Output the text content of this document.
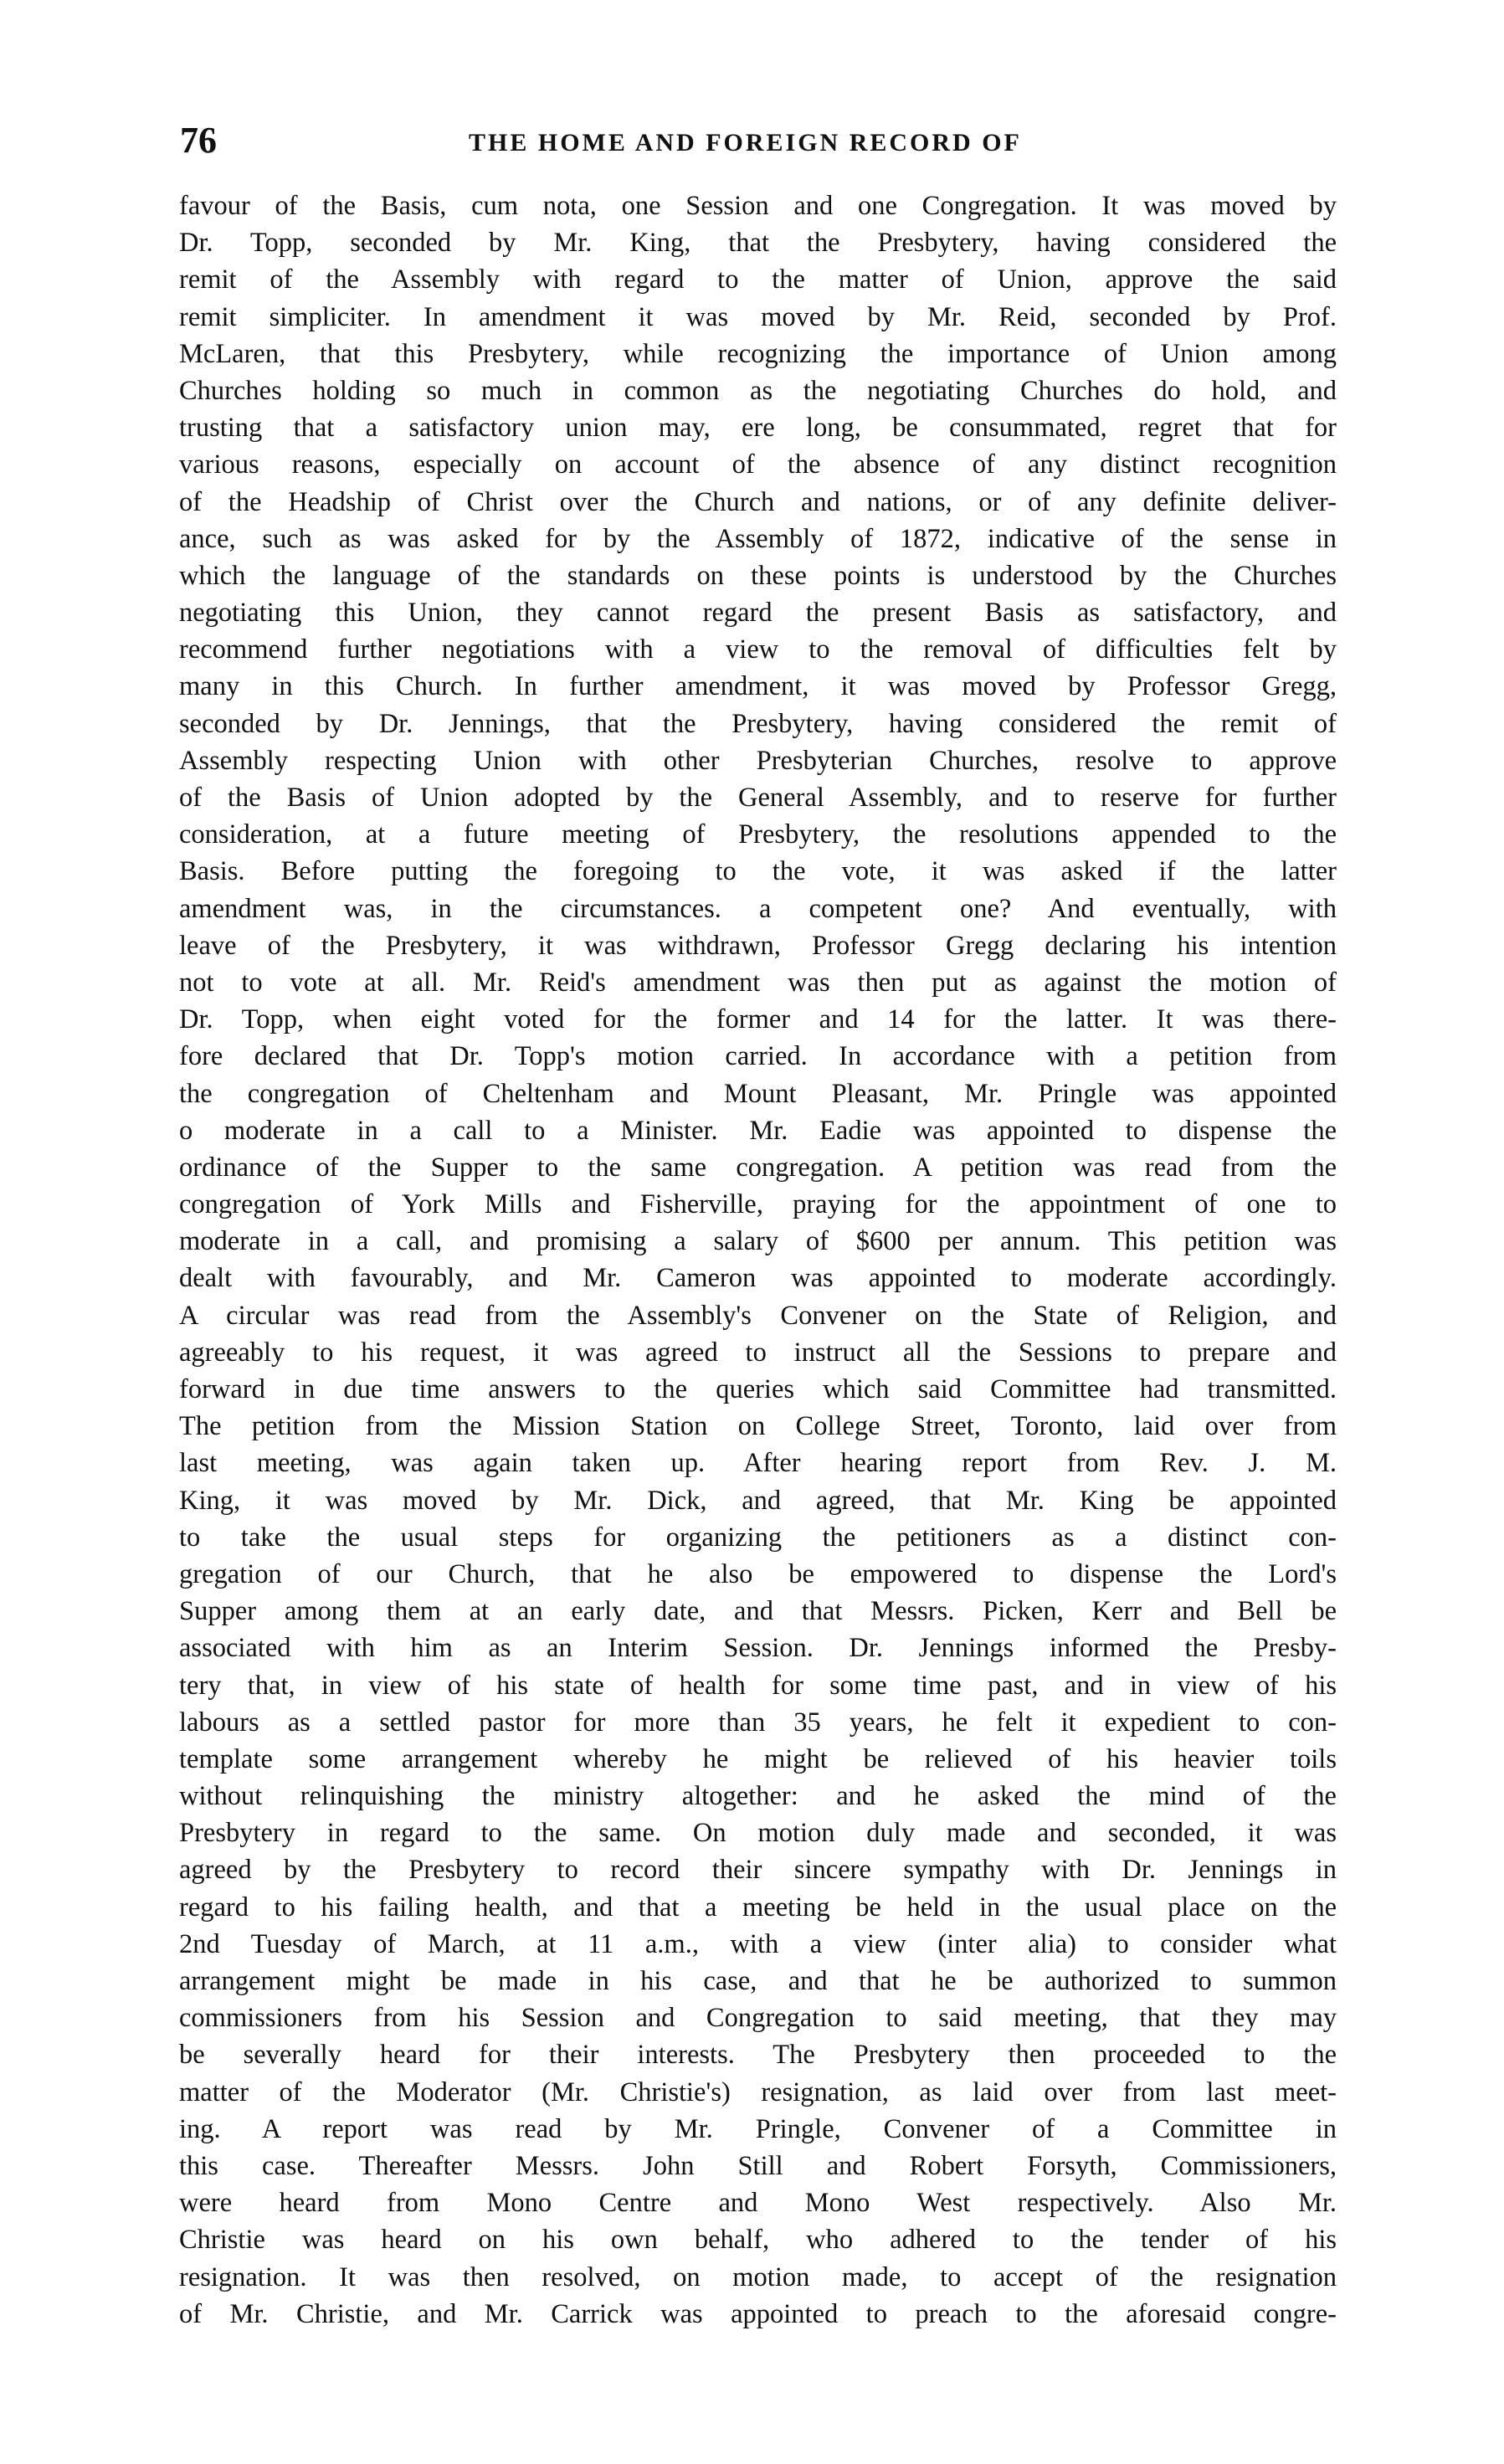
76	THE HOME AND FOREIGN RECORD OF
favour of the Basis, cum nota, one Session and one Congregation. It was moved by
Dr. Topp, seconded by Mr. King, that the Presbytery, having considered the
remit of the Assembly with regard to the matter of Union, approve the said
remit simpliciter. In amendment it was moved by Mr. Reid, seconded by Prof.
McLaren, that this Presbytery, while recognizing the importance of Union among
Churches holding so much in common as the negotiating Churches do hold, and
trusting that a satisfactory union may, ere long, be consummated, regret that for
various reasons, especially on account of the absence of any distinct recognition
of the Headship of Christ over the Church and nations, or of any definite deliver-
ance, such as was asked for by the Assembly of 1872, indicative of the sense in
which the language of the standards on these points is understood by the Churches
negotiating this Union, they cannot regard the present Basis as satisfactory, and
recommend further negotiations with a view to the removal of difficulties felt by
many in this Church. In further amendment, it was moved by Professor Gregg,
seconded by Dr. Jennings, that the Presbytery, having considered the remit of
Assembly respecting Union with other Presbyterian Churches, resolve to approve
of the Basis of Union adopted by the General Assembly, and to reserve for further
consideration, at a future meeting of Presbytery, the resolutions appended to the
Basis. Before putting the foregoing to the vote, it was asked if the latter
amendment was, in the circumstances. a competent one? And eventually, with
leave of the Presbytery, it was withdrawn, Professor Gregg declaring his intention
not to vote at all. Mr. Reid's amendment was then put as against the motion of
Dr. Topp, when eight voted for the former and 14 for the latter. It was there-
fore declared that Dr. Topp's motion carried. In accordance with a petition from
the congregation of Cheltenham and Mount Pleasant, Mr. Pringle was appointed
o moderate in a call to a Minister. Mr. Eadie was appointed to dispense the
ordinance of the Supper to the same congregation. A petition was read from the
congregation of York Mills and Fisherville, praying for the appointment of one to
moderate in a call, and promising a salary of $600 per annum. This petition was
dealt with favourably, and Mr. Cameron was appointed to moderate accordingly.
A circular was read from the Assembly's Convener on the State of Religion, and
agreeably to his request, it was agreed to instruct all the Sessions to prepare and
forward in due time answers to the queries which said Committee had transmitted.
The petition from the Mission Station on College Street, Toronto, laid over from
last meeting, was again taken up. After hearing report from Rev. J. M.
King, it was moved by Mr. Dick, and agreed, that Mr. King be appointed
to take the usual steps for organizing the petitioners as a distinct con-
gregation of our Church, that he also be empowered to dispense the Lord's
Supper among them at an early date, and that Messrs. Picken, Kerr and Bell be
associated with him as an Interim Session. Dr. Jennings informed the Presby-
tery that, in view of his state of health for some time past, and in view of his
labours as a settled pastor for more than 35 years, he felt it expedient to con-
template some arrangement whereby he might be relieved of his heavier toils
without relinquishing the ministry altogether: and he asked the mind of the
Presbytery in regard to the same. On motion duly made and seconded, it was
agreed by the Presbytery to record their sincere sympathy with Dr. Jennings in
regard to his failing health, and that a meeting be held in the usual place on the
2nd Tuesday of March, at 11 a.m., with a view (inter alia) to consider what
arrangement might be made in his case, and that he be authorized to summon
commissioners from his Session and Congregation to said meeting, that they may
be severally heard for their interests. The Presbytery then proceeded to the
matter of the Moderator (Mr. Christie's) resignation, as laid over from last meet-
ing. A report was read by Mr. Pringle, Convener of a Committee in
this case. Thereafter Messrs. John Still and Robert Forsyth, Commissioners,
were heard from Mono Centre and Mono West respectively. Also Mr.
Christie was heard on his own behalf, who adhered to the tender of his
resignation. It was then resolved, on motion made, to accept of the resignation
of Mr. Christie, and Mr. Carrick was appointed to preach to the aforesaid congre-
